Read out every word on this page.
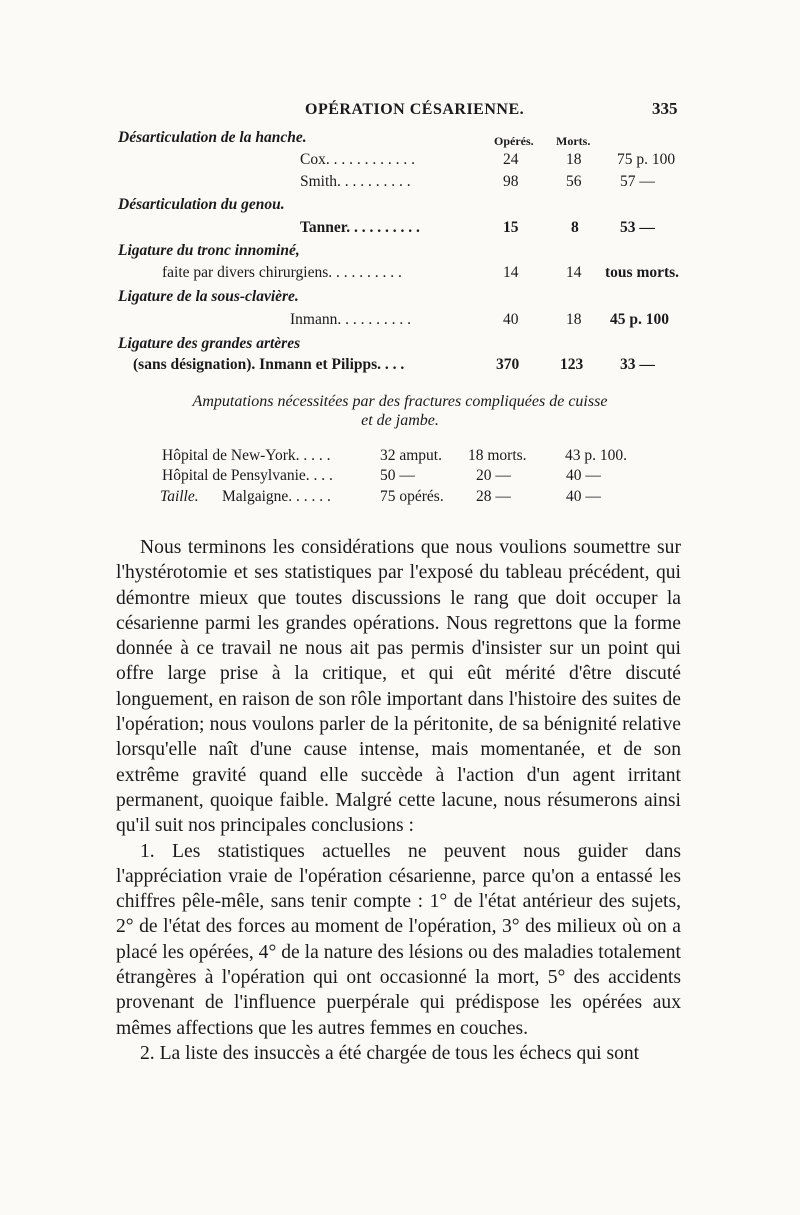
OPÉRATION CÉSARIENNE.	335
Désarticulation de la hanche.	Opérés. Morts.
Cox. . . . . . . . . . . .	24	18 75 p. 100
Smith. . . . . . . . . .	98	56 57 —
Désarticulation du genou.
Tanner. . . . . . . . . .	15	8	53 —
Ligature du tronc innominé,
faite par divers chirurgiens. . . . . . . . . .	14	14 tous morts.
Ligature de la sous-clavière.
Inmann. . . . . . . . . .	40	18 45 p. 100
Ligature des grandes artères
(sans désignation). Inmann et Pilipps. . . .	370	123 33 —
Amputations nécessitées par des fractures compliquées de cuisse
et de jambe.
Hôpital de New-York. . . . .	32 amput. 18 morts. 43 p. 100.
Hôpital de Pensylvanie. . . .	50 —	20 —	40 —
Taille. Malgaigne. . . . . .	75 opérés. 28 —	40 —

Nous terminons les considérations que nous voulions soumettre sur l'hystérotomie et ses statistiques par l'exposé du tableau précédent, qui démontre mieux que toutes discussions le rang que doit occuper la césarienne parmi les grandes opérations. Nous regrettons que la forme donnée à ce travail ne nous ait pas permis d'insister sur un point qui offre large prise à la critique, et qui eût mérité d'être discuté longuement, en raison de son rôle important dans l'histoire des suites de l'opération; nous voulons parler de la péritonite, de sa bénignité relative lorsqu'elle naît d'une cause intense, mais momentanée, et de son extrême gravité quand elle succède à l'action d'un agent irritant permanent, quoique faible. Malgré cette lacune, nous résumerons ainsi qu'il suit nos principales conclusions :

1. Les statistiques actuelles ne peuvent nous guider dans l'appréciation vraie de l'opération césarienne, parce qu'on a entassé les chiffres pêle-mêle, sans tenir compte : 1° de l'état antérieur des sujets, 2° de l'état des forces au moment de l'opération, 3° des milieux où on a placé les opérées, 4° de la nature des lésions ou des maladies totalement étrangères à l'opération qui ont occasionné la mort, 5° des accidents provenant de l'influence puerpérale qui prédispose les opérées aux mêmes affections que les autres femmes en couches.

2. La liste des insuccès a été chargée de tous les échecs qui sont
